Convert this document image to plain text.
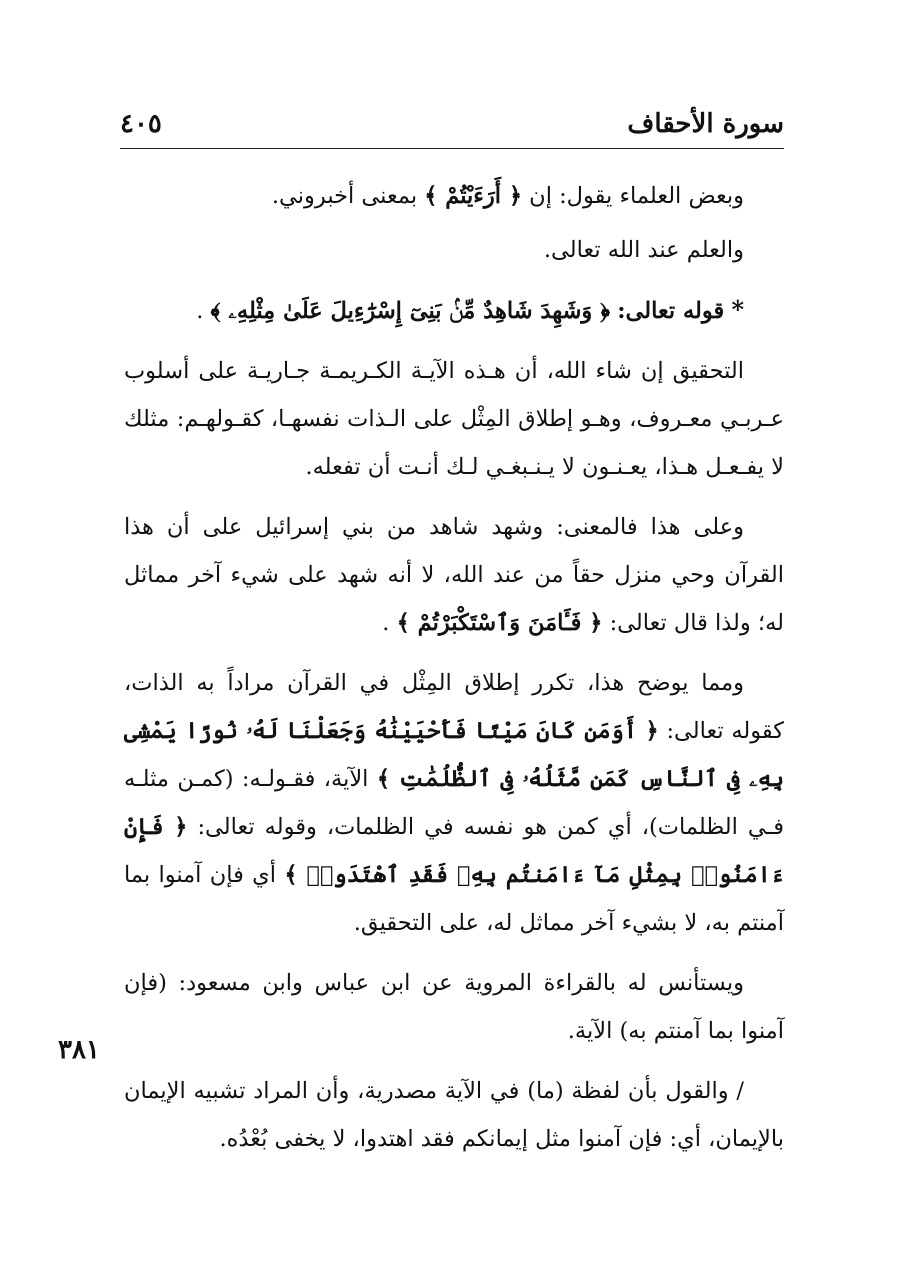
سورة الأحقاف
٤٠٥

وبعض العلماء يقول: إن ﴿ أَرَءَيْتُمْ ﴾ بمعنى أخبروني.

والعلم عند الله تعالى.

* قوله تعالى: ﴿ وَشَهِدَ شَاهِدٌ مِّنۢ بَنِىٓ إِسْرَٰٓءِيلَ عَلَىٰ مِثْلِهِۦ ﴾ .

التحقيق إن شاء الله، أن هـذه الآيـة الكـريمـة جـاريـة على أسلوب عـربـي معـروف، وهـو إطلاق المِثْل على الـذات نفسهـا، كقـولهـم: مثلك لا يفـعـل هـذا، يعـنـون لا يـنـبغـي لـك أنـت أن تفعله.

وعلى هذا فالمعنى: وشهد شاهد من بني إسرائيل على أن هذا القرآن وحي منزل حقاً من عند الله، لا أنه شهد على شيء آخر مماثل له؛ ولذا قال تعالى: ﴿ فَـَٔامَنَ وَٱسْتَكْبَرْتُمْ ﴾ .

ومما يوضح هذا، تكرر إطلاق المِثْل في القرآن مراداً به الذات، كقوله تعالى: ﴿ أَوَمَن كَانَ مَيْتًا فَأَحْيَيْنَٰهُ وَجَعَلْنَا لَهُۥ نُورًا يَمْشِى بِهِۦ فِى ٱلنَّاسِ كَمَن مَّثَلُهُۥ فِى ٱلظُّلُمَٰتِ ﴾ الآية، فقـولـه: (كمـن مثلـه فـي الظلمات)، أي كمن هو نفسه في الظلمات، وقوله تعالى: ﴿ فَإِنْ ءَامَنُوا۟ بِمِثْلِ مَآ ءَامَنتُم بِهِۦ فَقَدِ ٱهْتَدَوا۟ ﴾ أي فإن آمنوا بما آمنتم به، لا بشيء آخر مماثل له، على التحقيق.

ويستأنس له بالقراءة المروية عن ابن عباس وابن مسعود: (فإن آمنوا بما آمنتم به) الآية.

/ والقول بأن لفظة (ما) في الآية مصدرية، وأن المراد تشبيه الإيمان بالإيمان، أي: فإن آمنوا مثل إيمانكم فقد اهتدوا، لا يخفى بُعْدُه.

٣٨١
